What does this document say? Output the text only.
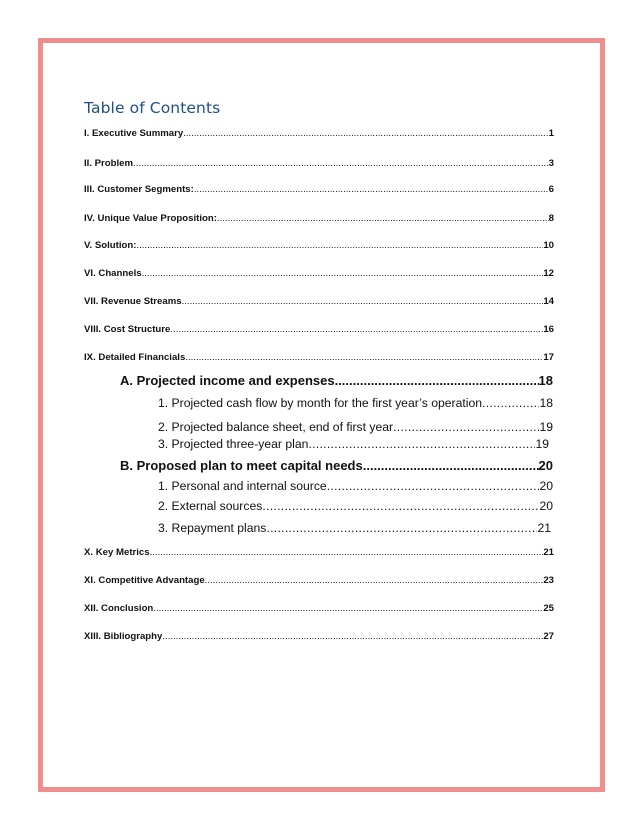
Table of Contents
I. Executive Summary .....	1
II. Problem .....	3
III. Customer Segments: .....	6
IV. Unique Value Proposition: .....	8
V. Solution: .....	10
VI. Channels .....	12
VII. Revenue Streams .....	14
VIII. Cost Structure .....	16
IX. Detailed Financials .....	17
A. Projected income and expenses .....	18
1. Projected cash flow by month for the first year’s operation .....	18
2. Projected balance sheet, end of first year .....	19
3. Projected three-year plan .....	19
B. Proposed plan to meet capital needs .....	20
1. Personal and internal source .....	20
2. External sources .....	20
3. Repayment plans .....	21
X. Key Metrics .....	21
XI. Competitive Advantage .....	23
XII. Conclusion .....	25
XIII. Bibliography .....	27
